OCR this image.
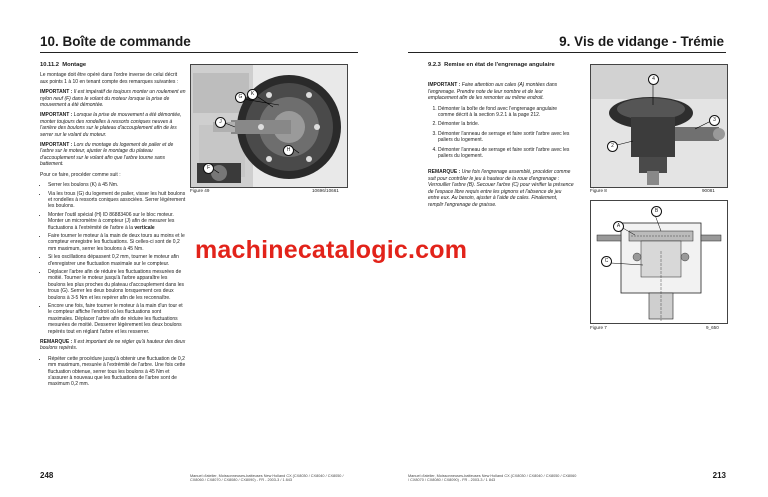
10. Boîte de commande

10.11.2 Montage

Le montage doit être opéré dans l'ordre inverse de celui décrit aux points 1 à 10 en tenant compte des remarques suivantes :

IMPORTANT : Il est impératif de toujours monter un roulement en nylon neuf (F) dans le volant du moteur lorsque la prise de mouvement a été démontée.

IMPORTANT : Lorsque la prise de mouvement a été démontée, monter toujours des rondelles à ressorts coniques neuves à l'arrière des boulons sur le plateau d'accouplement afin de les serrer sur le volant du moteur.

IMPORTANT : Lors du montage du logement de palier et de l'arbre sur le moteur, ajuster le montage du plateau d'accouplement sur le volant afin que l'arbre tourne sans battement.

Pour ce faire, procéder comme suit :

• Serrer les boulons (K) à 45 Nm.
• Via les trous (G) du logement de palier, visser les huit boulons et rondelles à ressorts coniques associées. Serrer légèrement les boulons.
• Monter l'outil spécial (H) ID 86883406 sur le bloc moteur. Monter un micromètre à compteur (J) afin de mesurer les fluctuations à l'extrémité de l'arbre à la verticale
• Faire tourner le moteur à la main de deux tours au moins et le compteur enregistre les fluctuations. Si celles-ci sont de 0,2 mm maximum, serrer les boulons à 45 Nm.
• Si les oscillations dépassent 0,2 mm, tourner le moteur afin d'enregistrer une fluctuation maximale sur le compteur.
• Déplacer l'arbre afin de réduire les fluctuations mesurées de moitié. Tourner le moteur jusqu'à l'arbre apparaître les boulons les plus proches du plateau d'accouplement dans les trous (G). Serrer les deux boulons lorsquement ces deux boulons à 3-5 Nm et les repérer afin de les reconnaître.
• Encore une fois, faire tourner le moteur à la main d'un tour et le compteur affiche l'endroit où les fluctuations sont maximales. Déplacer l'arbre afin de réduire les fluctuations mesurées de moitié. Desserrer légèrement les deux boulons repérés tout en réglant l'arbre et les resserrer.

REMARQUE : Il est important de ne régler qu'à hauteur des deux boulons repérés.

• Répéter cette procédure jusqu'à obtenir une fluctuation de 0,2 mm maximum, mesurée à l'extrémité de l'arbre. Une fois cette fluctuation obtenue, serrer tous les boulons à 45 Nm et s'assurer à nouveau que les fluctuations de l'arbre sont de maximum 0,2 mm.
G	K
J
H
F
Figure 49	10696/10661
248	Manuel d'atelier, Moissonneuses-batteuses New Holland CX (CX8030 / CX8040 / CX8050 / CX8060 / CX8070 / CX8080 / CX8090) - FR - 2003-3 / 1 843
9. Vis de vidange - Trémie

9.2.3 Remise en état de l'engrenage angulaire

IMPORTANT : Faire attention aux cales (A) montées dans l'engrenage. Prendre note de leur nombre et de leur emplacement afin de les remonter au même endroit.

1. Démonter la boîte de fond avec l'engrenage angulaire comme décrit à la section 9.2.1 à la page 212.
2. Démonter la bride.
3. Démonter l'anneau de serrage et faire sortir l'arbre avec les paliers du logement.
4. Démonter l'anneau de serrage et faire sortir l'arbre avec les paliers du logement.

REMARQUE : Une fois l'engrenage assemblé, procéder comme suit pour contrôler le jeu à hauteur de la roue d'engrenage : Verrouiller l'arbre (B). Secouer l'arbre (C) pour vérifier la présence de l'espace libre requis entre les pignons et l'absence de jeu entre eux. Au besoin, ajuster à l'aide de cales. Finalement, remplir l'engrenage de graisse.

4
3
2
Figure 8	90081
B
A
C
Figure 7	9_650
213
Manuel d'atelier, Moissonneuses-batteuses New Holland CX (CX8030 / CX8040 / CX8050 / CX8060 / CX8070 / CX8080 / CX8090) - FR - 2003-3 / 1 843
machinecatalogic.com
